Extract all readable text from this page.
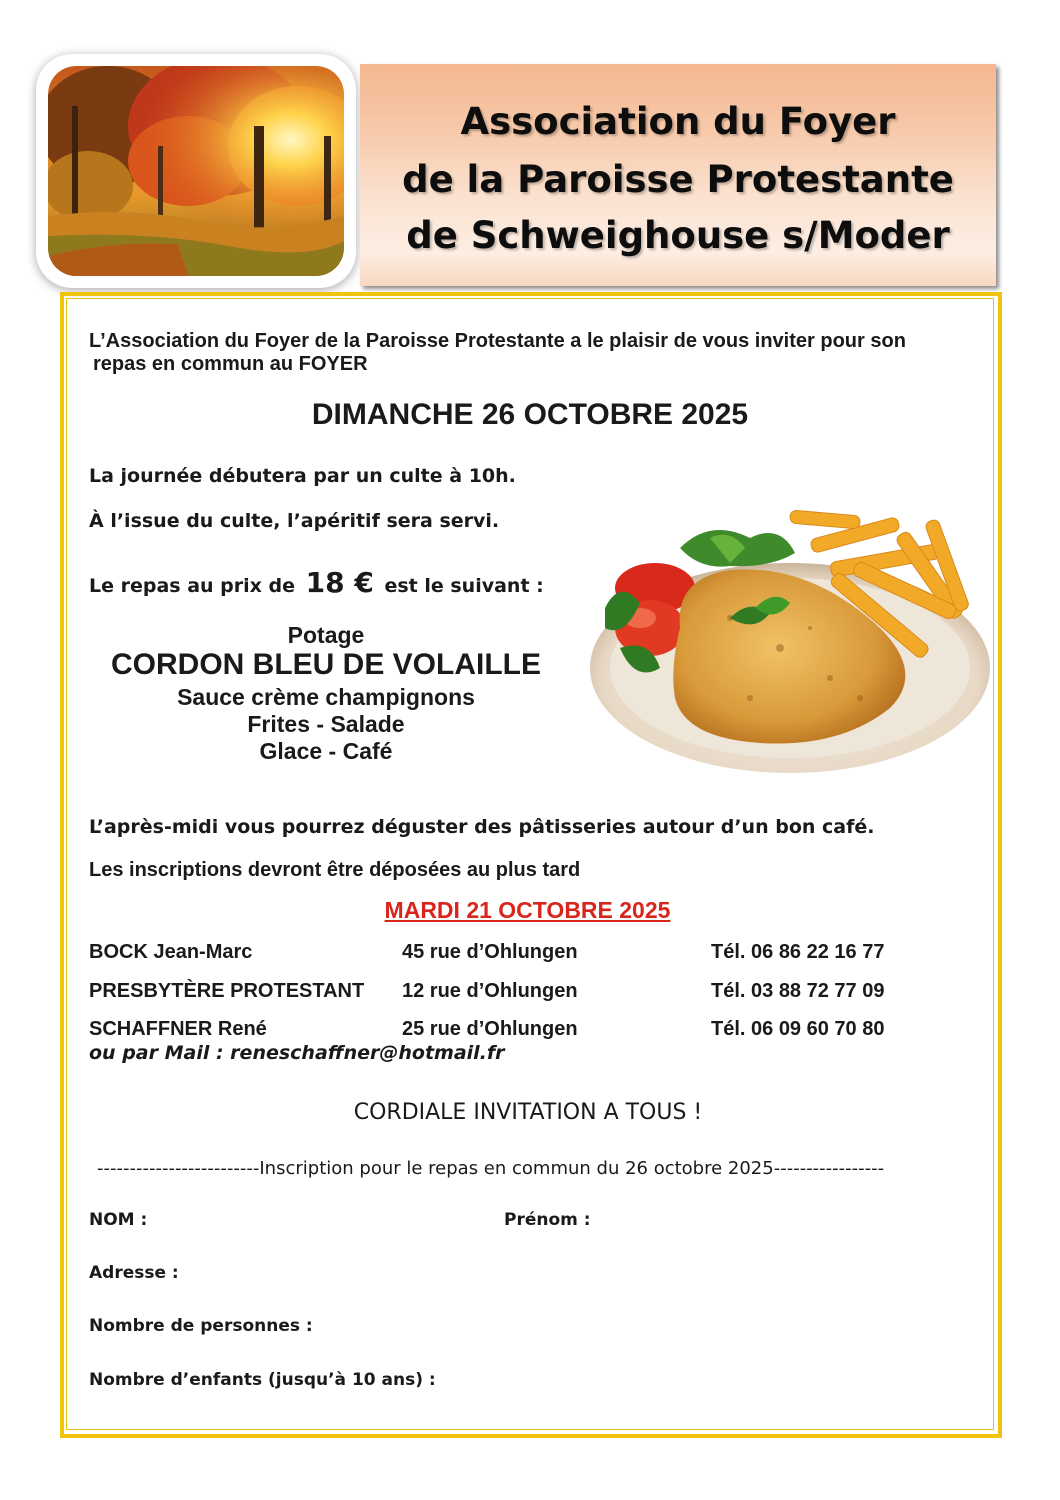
Association du Foyer
de la Paroisse Protestante
de Schweighouse s/Moder
L’Association du Foyer de la Paroisse Protestante a le plaisir de vous inviter pour son
repas en commun au FOYER
DIMANCHE 26 OCTOBRE 2025
La journée débutera par un culte à 10h.
À l’issue du culte, l’apéritif sera servi.
Le repas au prix de 18 € est le suivant :
Potage
CORDON BLEU DE VOLAILLE
Sauce crème champignons
Frites - Salade
Glace - Café
L’après-midi vous pourrez déguster des pâtisseries autour d’un bon café.
Les inscriptions devront être déposées au plus tard
MARDI 21 OCTOBRE 2025
BOCK Jean-Marc	45 rue d’Ohlungen	Tél. 06 86 22 16 77
PRESBYTÈRE PROTESTANT 12 rue d’Ohlungen	Tél. 03 88 72 77 09
SCHAFFNER René	25 rue d’Ohlungen	Tél. 06 09 60 70 80
ou par Mail : reneschaffner@hotmail.fr
CORDIALE INVITATION A TOUS !
-------------------------Inscription pour le repas en commun du 26 octobre 2025-----------------
NOM :	Prénom :
Adresse :
Nombre de personnes :
Nombre d’enfants (jusqu’à 10 ans) :
